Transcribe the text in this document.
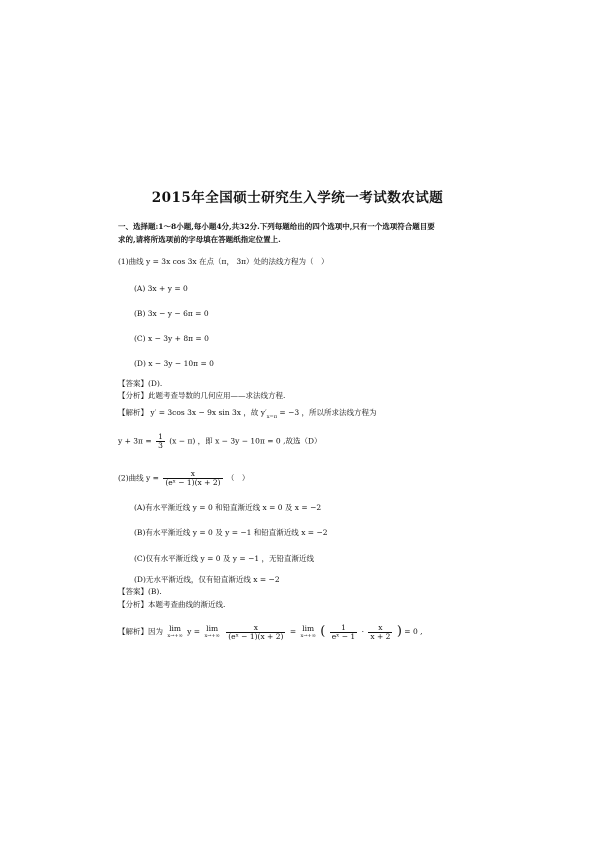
2015年全国硕士研究生入学统一考试数农试题
一、选择题:1～8小题,每小题4分,共32分.下列每题给出的四个选项中,只有一个选项符合题目要
求的,请将所选项前的字母填在答题纸指定位置上.
(1)曲线 y = 3x cos 3x 在点（π， 3π）处的法线方程为（　）
(A) 3x + y = 0
(B) 3x − y − 6π = 0
(C) x − 3y + 8π = 0
(D) x − 3y − 10π = 0
【答案】(D).
【分析】此题考查导数的几何应用——求法线方程.
【解析】 y′ = 3cos 3x − 9x sin 3x ，故 $y'_{x=\pi} = -3$ ，所以所求法线方程为
$y + 3\pi = \frac{1}{3} (x - \pi)$ ，即 x − 3y − 10π = 0 ,故选（D）
(2)曲线 $y = \frac{x}{\text{(eˣ − 1)(x + 2)}}$ （　）
(A)有水平渐近线 y = 0 和铅直渐近线 x = 0 及 x = −2
(B)有水平渐近线 y = 0 及 y = −1 和铅直渐近线 x = −2
(C)仅有水平渐近线 y = 0 及 y = −1 ，无铅直渐近线
(D)无水平渐近线，仅有铅直渐近线 x = −2
【答案】(B).
【分析】本题考查曲线的渐近线.
【解析】因为 lim
x→+∞ y = lim
x→+∞
$\frac{x}{\text{(eˣ − 1)(x + 2)}} = \lim$
x→+∞ ( $\frac{1}{\text{eˣ − 1}} \cdot \frac{x}{x + 2}$ ) = 0 ,
